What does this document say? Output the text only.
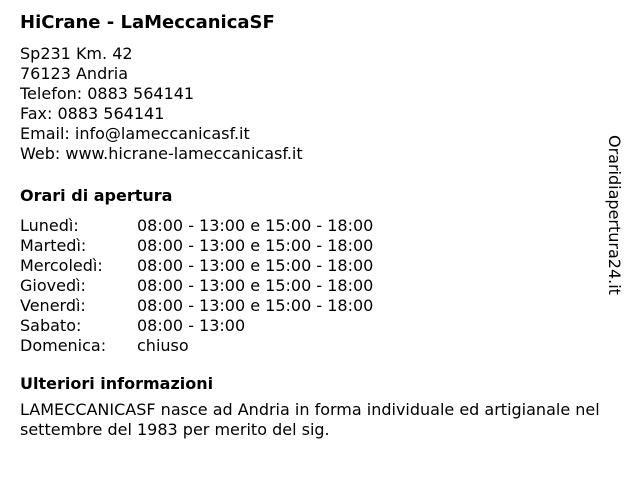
HiCrane - LaMeccanicaSF
Sp231 Km. 42
76123 Andria
Telefon: 0883 564141
Fax: 0883 564141
Email: info@lameccanicasf.it
Web: www.hicrane-lameccanicasf.it
Orari di apertura
Lunedì:	08:00 - 13:00 e 15:00 - 18:00
Martedì:	08:00 - 13:00 e 15:00 - 18:00
Mercoledì:	08:00 - 13:00 e 15:00 - 18:00
Giovedì:	08:00 - 13:00 e 15:00 - 18:00
Venerdì:	08:00 - 13:00 e 15:00 - 18:00
Sabato:	08:00 - 13:00
Domenica:	chiuso
Ulteriori informazioni

LAMECCANICASF nasce ad Andria in forma individuale ed artigianale nel settembre del 1983 per merito del sig.

Oraridiapertura24.it
